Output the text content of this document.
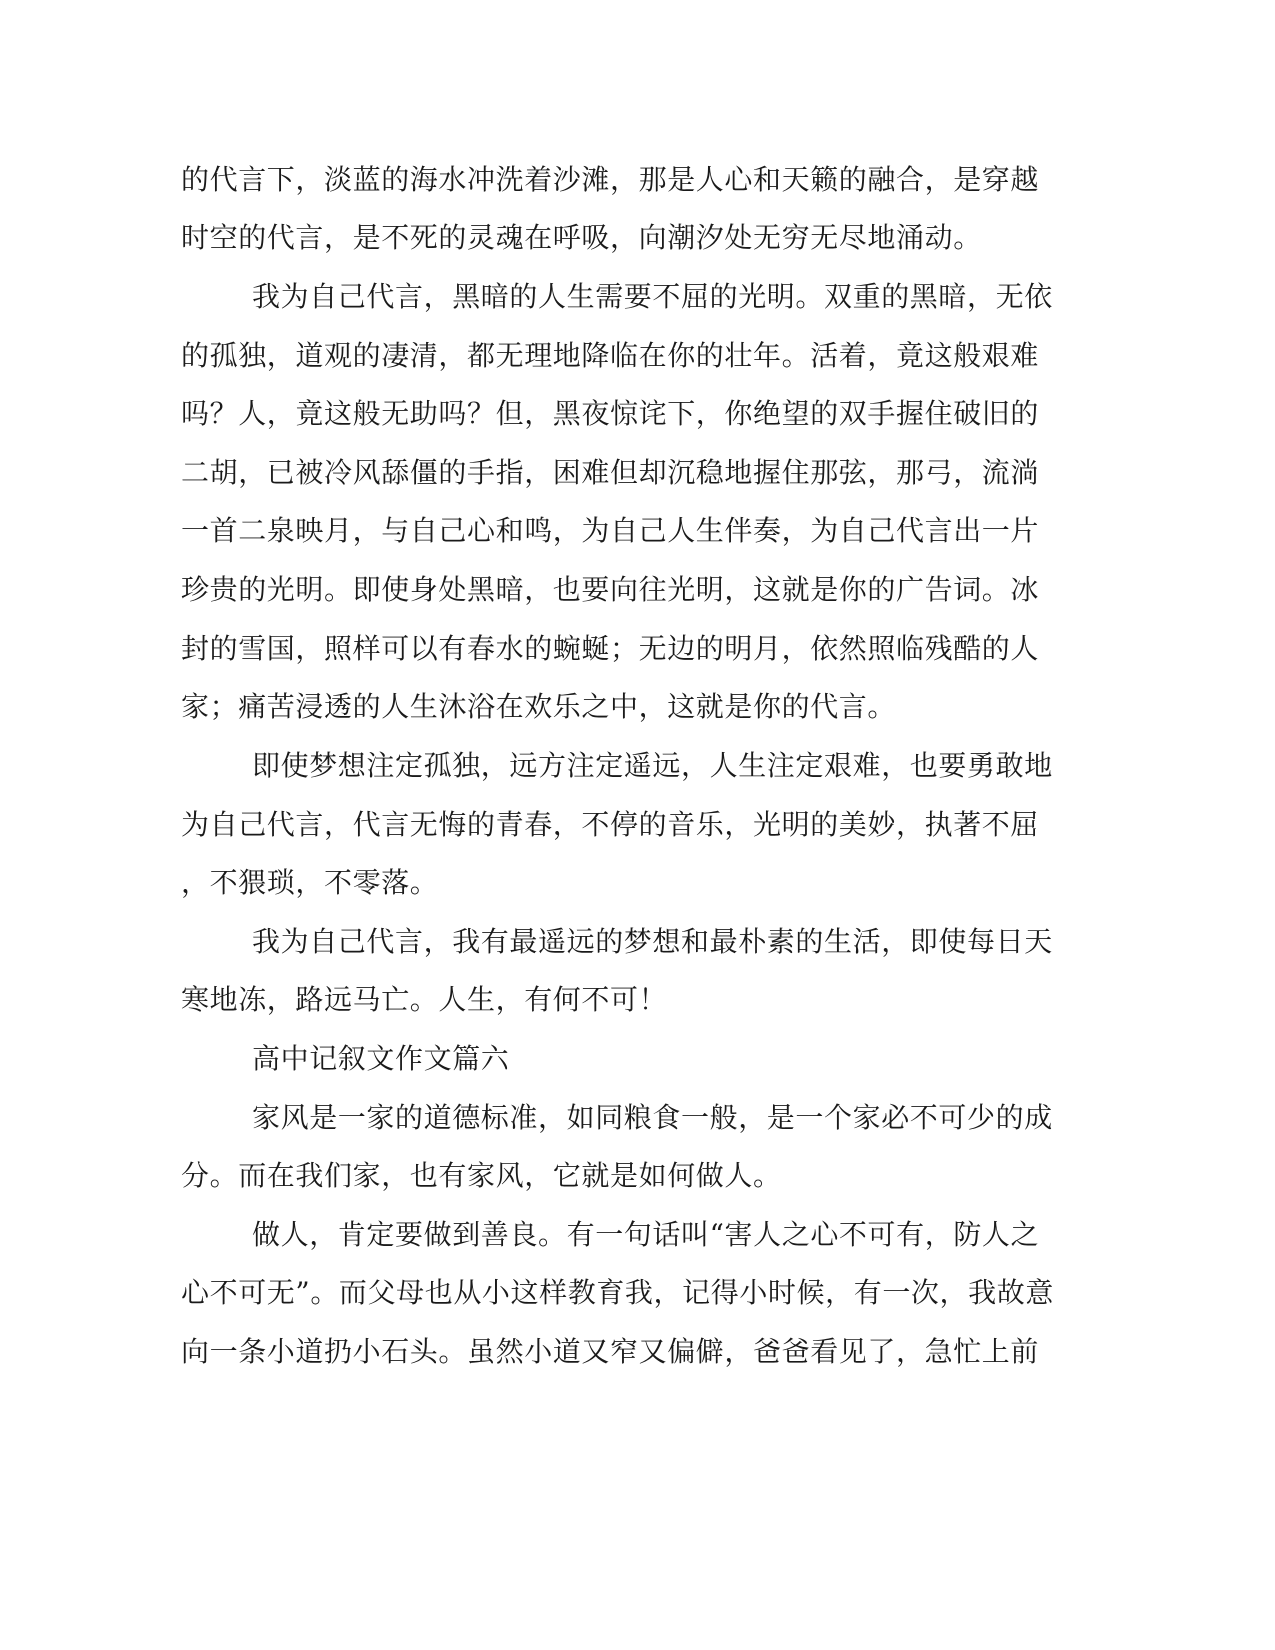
的代言下，淡蓝的海水冲洗着沙滩，那是人心和天籁的融合，是穿越
时空的代言，是不死的灵魂在呼吸，向潮汐处无穷无尽地涌动。
我为自己代言，黑暗的人生需要不屈的光明。双重的黑暗，无依
的孤独，道观的凄清，都无理地降临在你的壮年。活着，竟这般艰难
吗？人，竟这般无助吗？但，黑夜惊诧下，你绝望的双手握住破旧的
二胡，已被冷风舔僵的手指，困难但却沉稳地握住那弦，那弓，流淌
一首二泉映月，与自己心和鸣，为自己人生伴奏，为自己代言出一片
珍贵的光明。即使身处黑暗，也要向往光明，这就是你的广告词。冰
封的雪国，照样可以有春水的蜿蜒；无边的明月，依然照临残酷的人
家；痛苦浸透的人生沐浴在欢乐之中，这就是你的代言。
即使梦想注定孤独，远方注定遥远，人生注定艰难，也要勇敢地
为自己代言，代言无悔的青春，不停的音乐，光明的美妙，执著不屈
，不猥琐，不零落。
我为自己代言，我有最遥远的梦想和最朴素的生活，即使每日天
寒地冻，路远马亡。人生，有何不可！
高中记叙文作文篇六
家风是一家的道德标准，如同粮食一般，是一个家必不可少的成
分。而在我们家，也有家风，它就是如何做人。
做人，肯定要做到善良。有一句话叫“害人之心不可有，防人之
心不可无”。而父母也从小这样教育我，记得小时候，有一次，我故意
向一条小道扔小石头。虽然小道又窄又偏僻，爸爸看见了，急忙上前
